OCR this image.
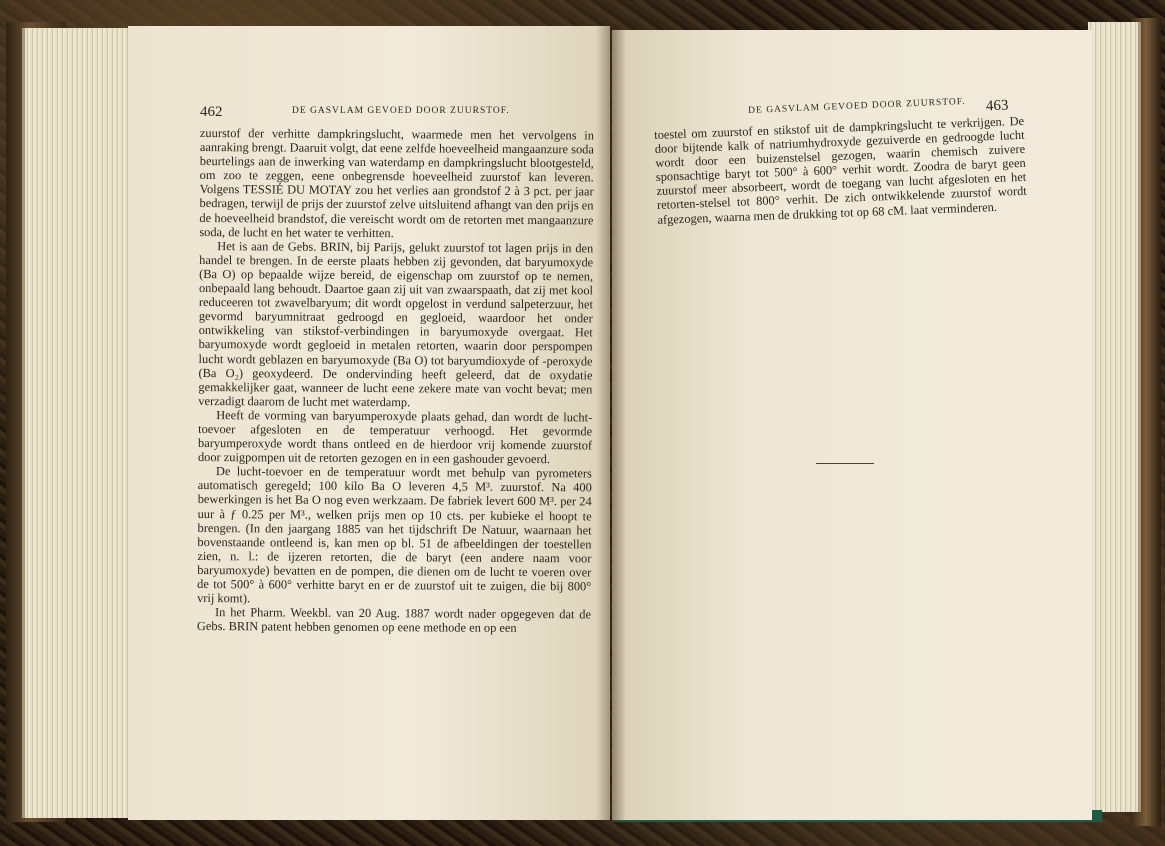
462	DE GASVLAM GEVOED DOOR ZUURSTOF.	DE GASVLAM GEVOED DOOR ZUURSTOF. 463

zuurstof der verhitte dampkringslucht, waarmede men het vervolgens in aanraking brengt. Daaruit volgt, dat eene zelfde hoeveelheid mangaanzure soda beurtelings aan de inwerking van waterdamp en dampkringslucht blootgesteld, om zoo te zeggen, eene onbegrensde hoeveelheid zuurstof kan leveren. Volgens TESSIÉ DU MOTAY zou het verlies aan grondstof 2 à 3 pct. per jaar bedragen, terwijl de prijs der zuurstof zelve uitsluitend afhangt van den prijs en de hoeveelheid brandstof, die vereischt wordt om de retorten met mangaanzure soda, de lucht en het water te verhitten.

Het is aan de Gebs. BRIN, bij Parijs, gelukt zuurstof tot lagen prijs in den handel te brengen. In de eerste plaats hebben zij gevonden, dat baryumoxyde (Ba O) op bepaalde wijze bereid, de eigenschap om zuurstof op te nemen, onbepaald lang behoudt. Daartoe gaan zij uit van zwaarspaath, dat zij met kool reduceeren tot zwavelbaryum; dit wordt opgelost in verdund salpeterzuur, het gevormd baryumnitraat gedroogd en gegloeid, waardoor het onder ontwikkeling van stikstof-verbindingen in baryumoxyde overgaat. Het baryumoxyde wordt gegloeid in metalen retorten, waarin door perspompen lucht wordt geblazen en baryumoxyde (Ba O) tot baryumdioxyde of -peroxyde (Ba O₂) geoxydeerd. De ondervinding heeft geleerd, dat de oxydatie gemakkelijker gaat, wanneer de lucht eene zekere mate van vocht bevat; men verzadigt daarom de lucht met waterdamp.

Heeft de vorming van baryumperoxyde plaats gehad, dan wordt de lucht-toevoer afgesloten en de temperatuur verhoogd. Het gevormde baryumperoxyde wordt thans ontleed en de hierdoor vrij komende zuurstof door zuigpompen uit de retorten gezogen en in een gashouder gevoerd.

De lucht-toevoer en de temperatuur wordt met behulp van pyrometers automatisch geregeld; 100 kilo Ba O leveren 4,5 M³. zuurstof. Na 400 bewerkingen is het Ba O nog even werkzaam. De fabriek levert 600 M³. per 24 uur à ƒ 0.25 per M³., welken prijs men op 10 cts. per kubieke el hoopt te brengen. (In den jaargang 1885 van het tijdschrift De Natuur, waarnaan het bovenstaande ontleend is, kan men op bl. 51 de afbeeldingen der toestellen zien, n. l.: de ijzeren retorten, die de baryt (een andere naam voor baryumoxyde) bevatten en de pompen, die dienen om de lucht te voeren over de tot 500° à 600° verhitte baryt en er de zuurstof uit te zuigen, die bij 800° vrij komt).

In het Pharm. Weekbl. van 20 Aug. 1887 wordt nader opgegeven dat de Gebs. BRIN patent hebben genomen op eene methode en op een

toestel om zuurstof en stikstof uit de dampkringslucht te verkrijgen. De door bijtende kalk of natriumhydroxyde gezuiverde en gedroogde lucht wordt door een buizenstelsel gezogen, waarin chemisch zuivere sponsachtige baryt tot 500° à 600° verhit wordt. Zoodra de baryt geen zuurstof meer absorbeert, wordt de toegang van lucht afgesloten en het retorten-stelsel tot 800° verhit. De zich ontwikkelende zuurstof wordt afgezogen, waarna men de drukking tot op 68 cM. laat verminderen.
